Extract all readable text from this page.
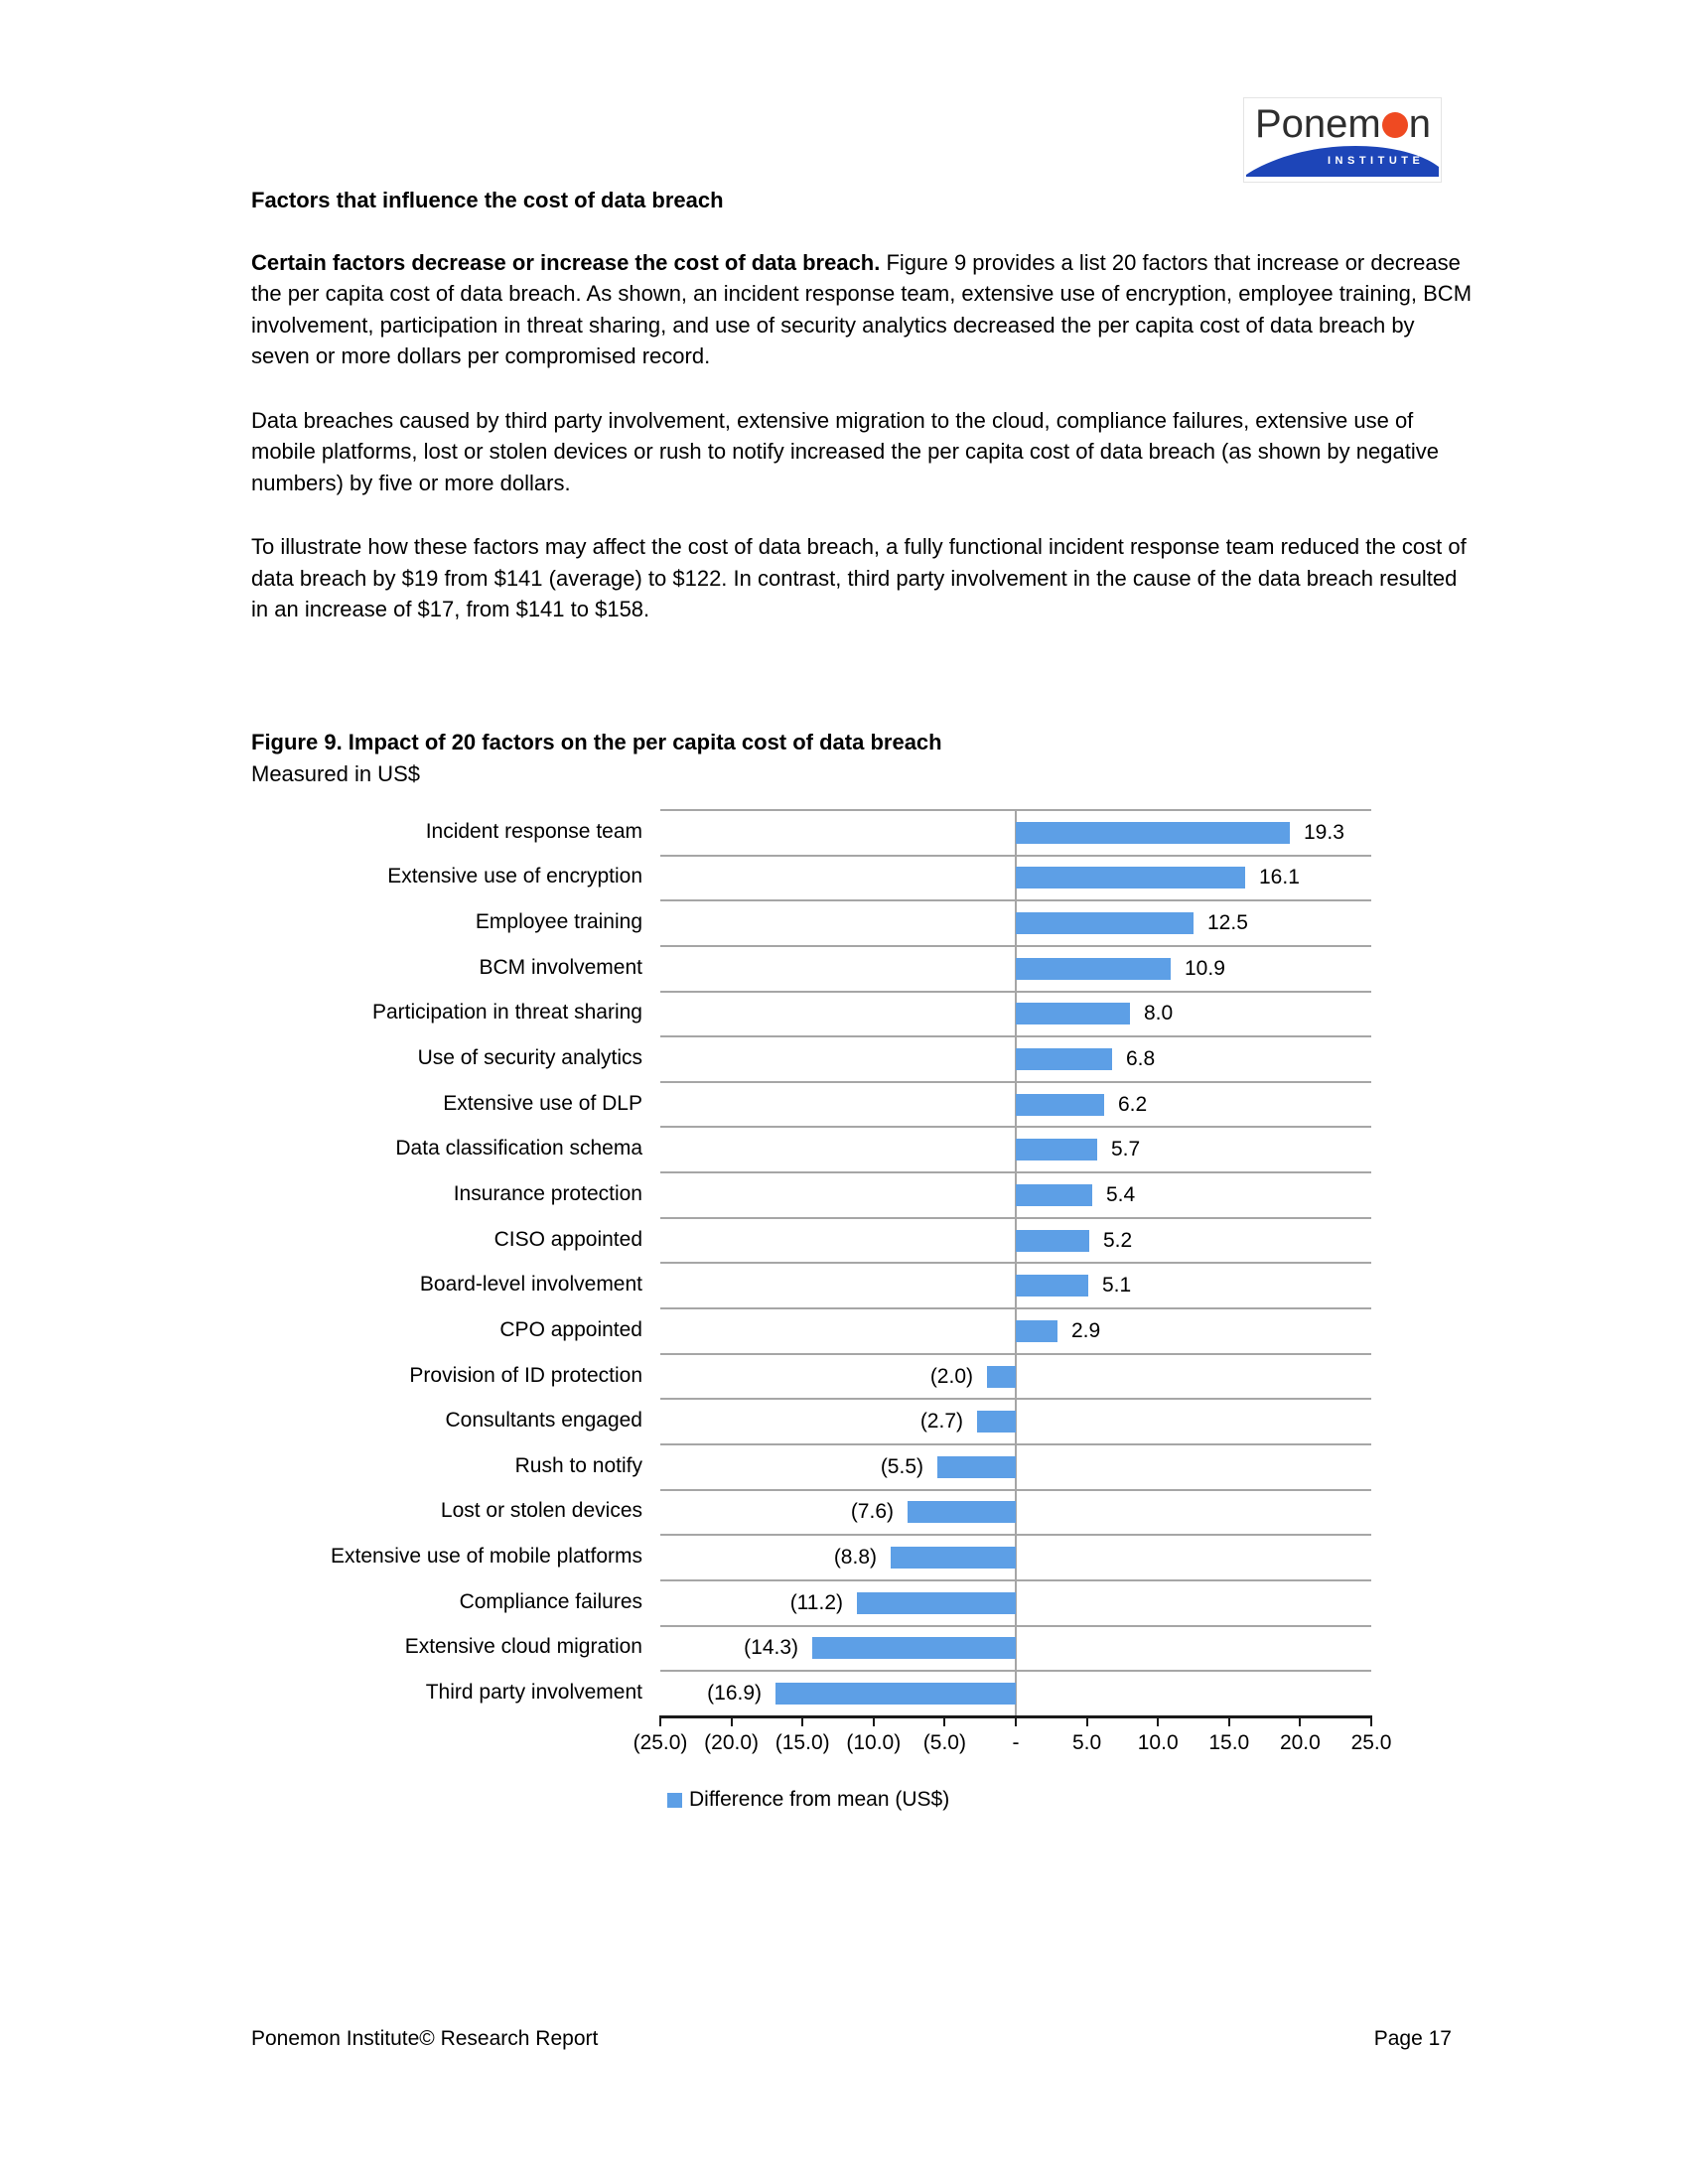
Ponem n
INSTITUTE
Factors that influence the cost of data breach

Certain factors decrease or increase the cost of data breach. Figure 9 provides a list 20 factors that increase or decrease the per capita cost of data breach. As shown, an incident response team, extensive use of encryption, employee training, BCM involvement, participation in threat sharing, and use of security analytics decreased the per capita cost of data breach by seven or more dollars per compromised record.

Data breaches caused by third party involvement, extensive migration to the cloud, compliance failures, extensive use of mobile platforms, lost or stolen devices or rush to notify increased the per capita cost of data breach (as shown by negative numbers) by five or more dollars.

To illustrate how these factors may affect the cost of data breach, a fully functional incident response team reduced the cost of data breach by $19 from $141 (average) to $122. In contrast, third party involvement in the cause of the data breach resulted in an increase of $17, from $141 to $158.

Figure 9. Impact of 20 factors on the per capita cost of data breach
Measured in US$
Incident response team	19.3
Extensive use of encryption	16.1
Employee training	12.5
BCM involvement	10.9
Participation in threat sharing	8.0
Use of security analytics	6.8
Extensive use of DLP	6.2
Data classification schema	5.7
Insurance protection	5.4
CISO appointed	5.2
Board-level involvement	5.1
CPO appointed	2.9
Provision of ID protection	(2.0)
Consultants engaged	(2.7)
Rush to notify	(5.5)
Lost or stolen devices	(7.6)
Extensive use of mobile platforms	(8.8)
Compliance failures	(11.2)
Extensive cloud migration	(14.3)
Third party involvement	(16.9)
(25.0) (20.0) (15.0) (10.0) (5.0) -	5.0 10.0 15.0 20.0 25.0
Difference from mean (US$)
Ponemon Institute© Research Report	Page 17
